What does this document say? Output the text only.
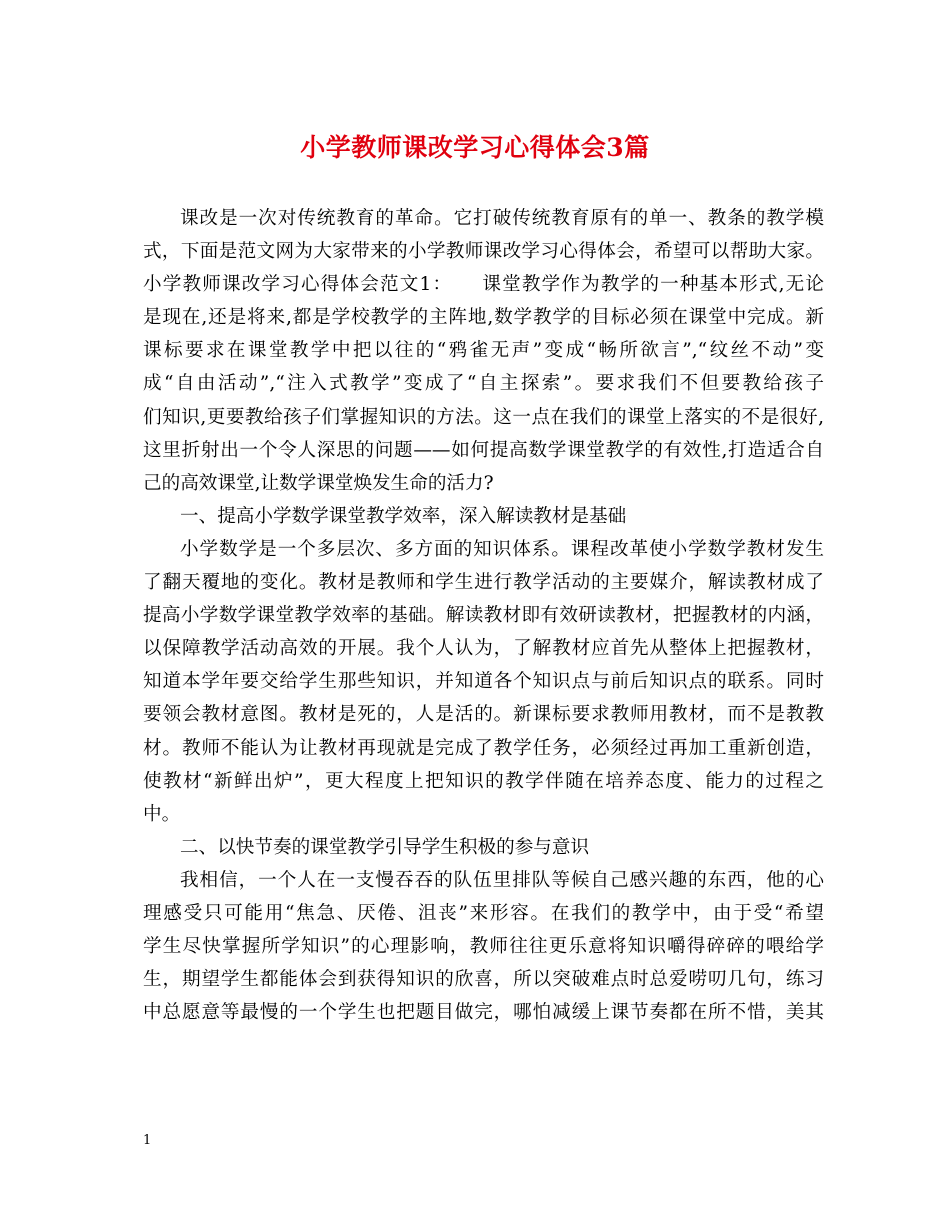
小学教师课改学习心得体会3篇
课改是一次对传统教育的革命。它打破传统教育原有的单一、教条的教学模
式，下面是范文网为大家带来的小学教师课改学习心得体会，希望可以帮助大家。
小学教师课改学习心得体会范文1：　　课堂教学作为教学的一种基本形式,无论
是现在,还是将来,都是学校教学的主阵地,数学教学的目标必须在课堂中完成。新
课标要求在课堂教学中把以往的“鸦雀无声”变成“畅所欲言”,“纹丝不动”变
成“自由活动”,“注入式教学”变成了“自主探索”。要求我们不但要教给孩子
们知识,更要教给孩子们掌握知识的方法。这一点在我们的课堂上落实的不是很好,
这里折射出一个令人深思的问题——如何提高数学课堂教学的有效性,打造适合自
己的高效课堂,让数学课堂焕发生命的活力?
一、提高小学数学课堂教学效率，深入解读教材是基础
小学数学是一个多层次、多方面的知识体系。课程改革使小学数学教材发生
了翻天覆地的变化。教材是教师和学生进行教学活动的主要媒介，解读教材成了
提高小学数学课堂教学效率的基础。解读教材即有效研读教材，把握教材的内涵，
以保障教学活动高效的开展。我个人认为，了解教材应首先从整体上把握教材，
知道本学年要交给学生那些知识，并知道各个知识点与前后知识点的联系。同时
要领会教材意图。教材是死的，人是活的。新课标要求教师用教材，而不是教教
材。教师不能认为让教材再现就是完成了教学任务，必须经过再加工重新创造，
使教材“新鲜出炉”，更大程度上把知识的教学伴随在培养态度、能力的过程之
中。
二、以快节奏的课堂教学引导学生积极的参与意识
我相信，一个人在一支慢吞吞的队伍里排队等候自己感兴趣的东西，他的心
理感受只可能用“焦急、厌倦、沮丧”来形容。在我们的教学中，由于受“希望
学生尽快掌握所学知识”的心理影响，教师往往更乐意将知识嚼得碎碎的喂给学
生，期望学生都能体会到获得知识的欣喜，所以突破难点时总爱唠叨几句，练习
中总愿意等最慢的一个学生也把题目做完，哪怕减缓上课节奏都在所不惜，美其
1
